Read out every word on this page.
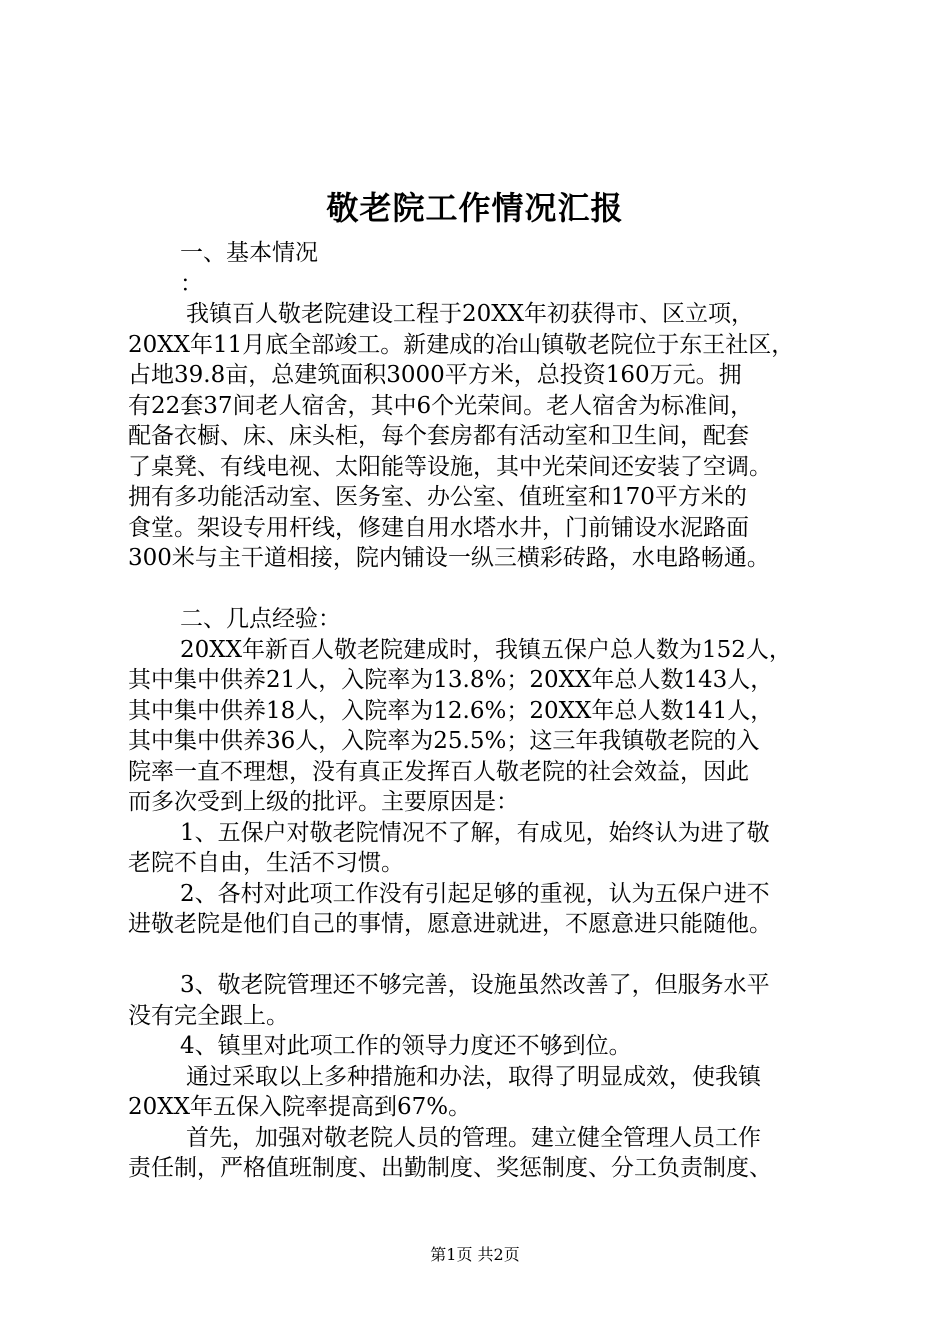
敬老院工作情况汇报
一、基本情况
：
我镇百人敬老院建设工程于20XX年初获得市、区立项，
20XX年11月底全部竣工。新建成的冶山镇敬老院位于东王社区，
占地39.8亩，总建筑面积3000平方米，总投资160万元。拥
有22套37间老人宿舍，其中6个光荣间。老人宿舍为标准间，
配备衣橱、床、床头柜，每个套房都有活动室和卫生间，配套
了桌凳、有线电视、太阳能等设施，其中光荣间还安装了空调。
拥有多功能活动室、医务室、办公室、值班室和170平方米的
食堂。架设专用杆线，修建自用水塔水井，门前铺设水泥路面
300米与主干道相接，院内铺设一纵三横彩砖路，水电路畅通。
二、几点经验：
20XX年新百人敬老院建成时，我镇五保户总人数为152人，
其中集中供养21人，入院率为13.8%；20XX年总人数143人，
其中集中供养18人，入院率为12.6%；20XX年总人数141人，
其中集中供养36人，入院率为25.5%；这三年我镇敬老院的入
院率一直不理想，没有真正发挥百人敬老院的社会效益，因此
而多次受到上级的批评。主要原因是：
1、五保户对敬老院情况不了解，有成见，始终认为进了敬
老院不自由，生活不习惯。
2、各村对此项工作没有引起足够的重视，认为五保户进不
进敬老院是他们自己的事情，愿意进就进，不愿意进只能随他。
3、敬老院管理还不够完善，设施虽然改善了，但服务水平
没有完全跟上。
4、镇里对此项工作的领导力度还不够到位。
通过采取以上多种措施和办法，取得了明显成效，使我镇
20XX年五保入院率提高到67%。
首先，加强对敬老院人员的管理。建立健全管理人员工作
责任制，严格值班制度、出勤制度、奖惩制度、分工负责制度、
第1页 共2页
